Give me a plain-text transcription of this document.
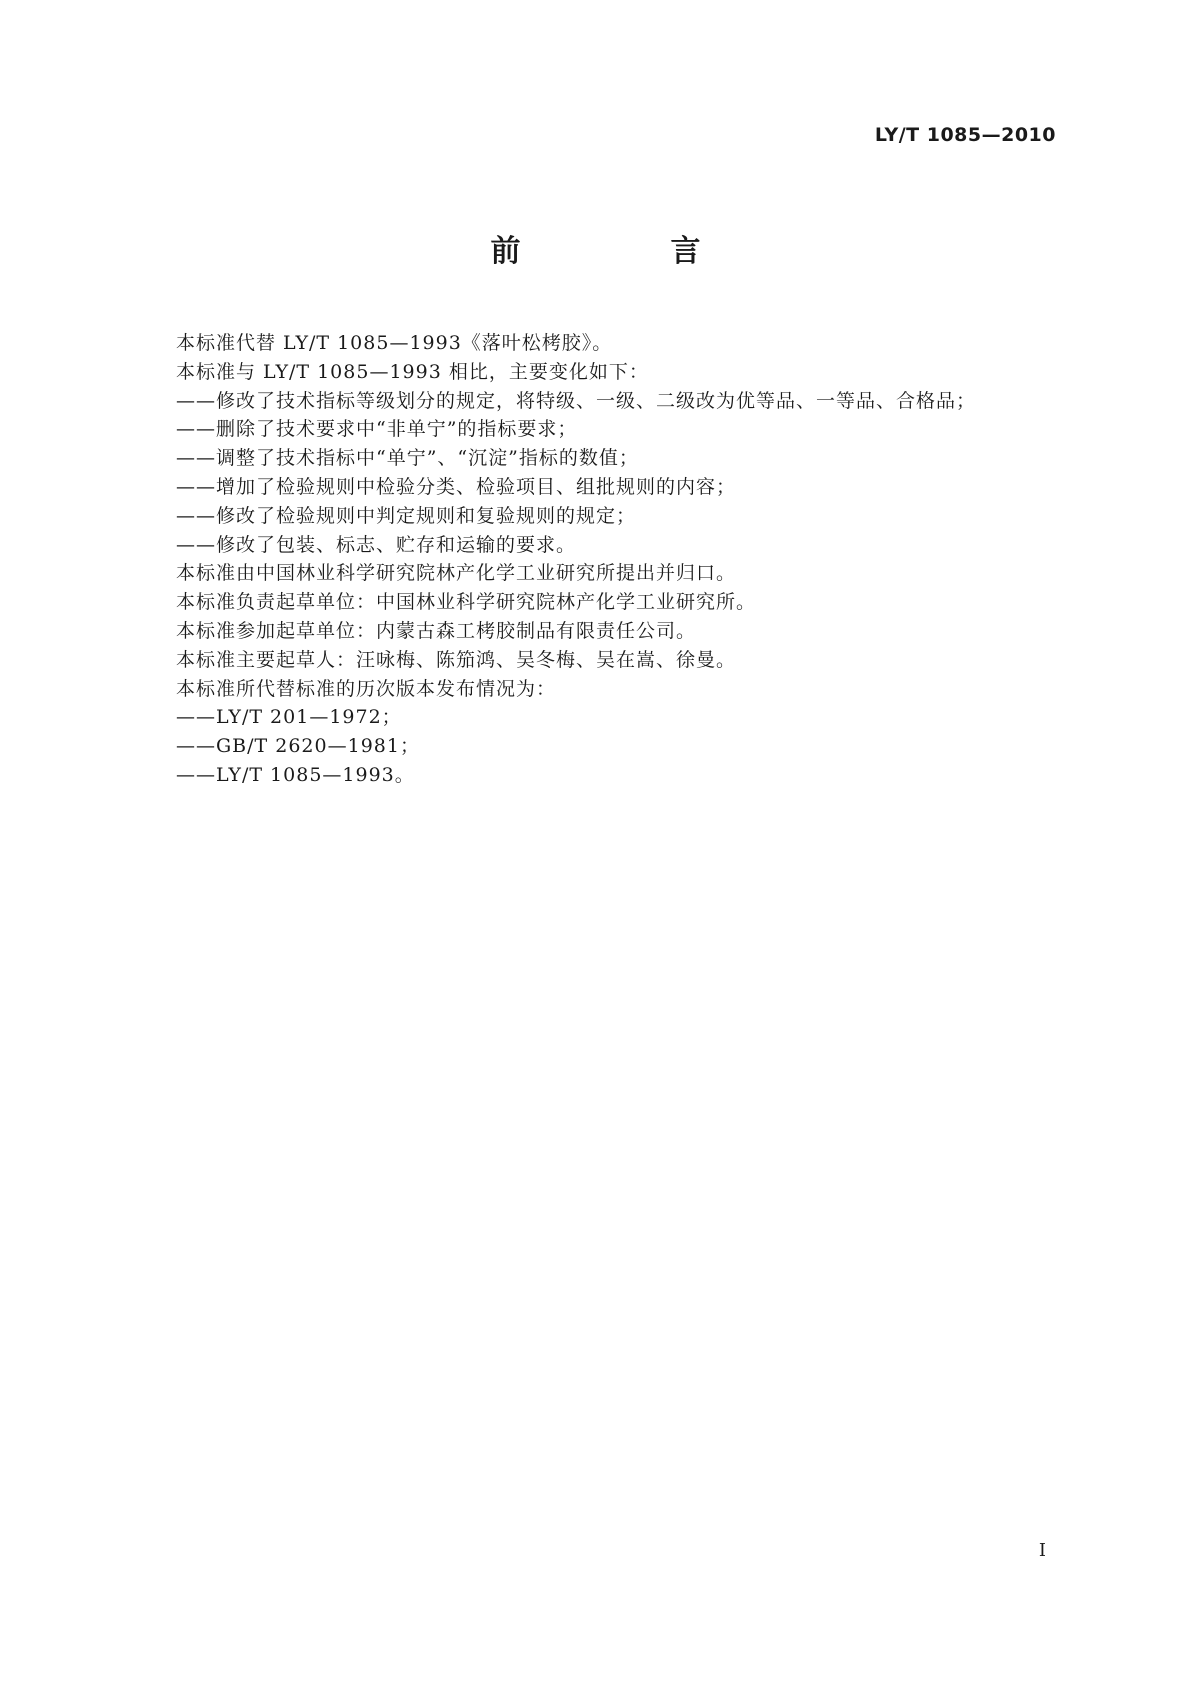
LY/T 1085—2010
前　言
本标准代替 LY/T 1085—1993《落叶松栲胶》。
本标准与 LY/T 1085—1993 相比，主要变化如下：
——修改了技术指标等级划分的规定，将特级、一级、二级改为优等品、一等品、合格品；
——删除了技术要求中“非单宁”的指标要求；
——调整了技术指标中“单宁”、“沉淀”指标的数值；
——增加了检验规则中检验分类、检验项目、组批规则的内容；
——修改了检验规则中判定规则和复验规则的规定；
——修改了包装、标志、贮存和运输的要求。
本标准由中国林业科学研究院林产化学工业研究所提出并归口。
本标准负责起草单位：中国林业科学研究院林产化学工业研究所。
本标准参加起草单位：内蒙古森工栲胶制品有限责任公司。
本标准主要起草人：汪咏梅、陈笳鸿、吴冬梅、吴在嵩、徐曼。
本标准所代替标准的历次版本发布情况为：
——LY/T 201—1972；
——GB/T 2620—1981；
——LY/T 1085—1993。
I
